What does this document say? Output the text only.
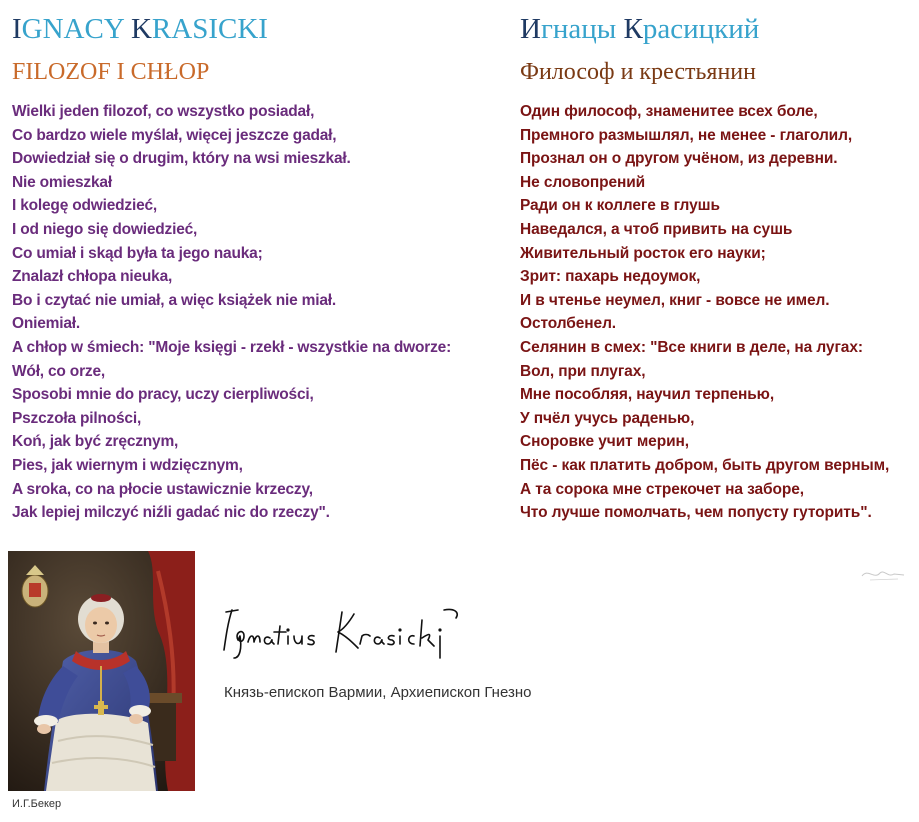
IGNACY KRASICKI
FILOZOF I CHŁOP
Wielki jeden filozof, co wszystko posiadał,
Co bardzo wiele myślał, więcej jeszcze gadał,
Dowiedział się o drugim, który na wsi mieszkał.
Nie omieszkał
I kolegę odwiedzieć,
I od niego się dowiedzieć,
Co umiał i skąd była ta jego nauka;
Znalazł chłopa nieuka,
Bo i czytać nie umiał, a więc książek nie miał.
Oniemiał.
A chłop w śmiech: "Moje księgi - rzekł - wszystkie na dworze:
Wół, co orze,
Sposobi mnie do pracy, uczy cierpliwości,
Pszczoła pilności,
Koń, jak być zręcznym,
Pies, jak wiernym i wdzięcznym,
A sroka, co na płocie ustawicznie krzeczy,
Jak lepiej milczyć niźli gadać nic do rzeczy".
Игнацы Красицкий
Философ и крестьянин
Один философ, знаменитее всех боле,
Премного размышлял, не менее - глаголил,
Прознал он о другом учёном, из деревни.
Не словопрений
Ради он к коллеге в глушь
Наведался, а чтоб привить на сушь
Живительный росток его науки;
Зрит: пахарь недоумок,
И в чтенье неумел, книг - вовсе не имел.
Остолбенел.
Селянин в смех: "Все книги в деле, на лугах:
Вол, при плугах,
Мне пособляя, научил терпенью,
У пчёл учусь раденью,
Сноровке учит мерин,
Пёс - как платить добром, быть другом верным,
А та сорока мне стрекочет на заборе,
Что лучше помолчать, чем попусту гуторить".
И.Г.Бекер
Князь-епископ Вармии, Архиепископ Гнезно
